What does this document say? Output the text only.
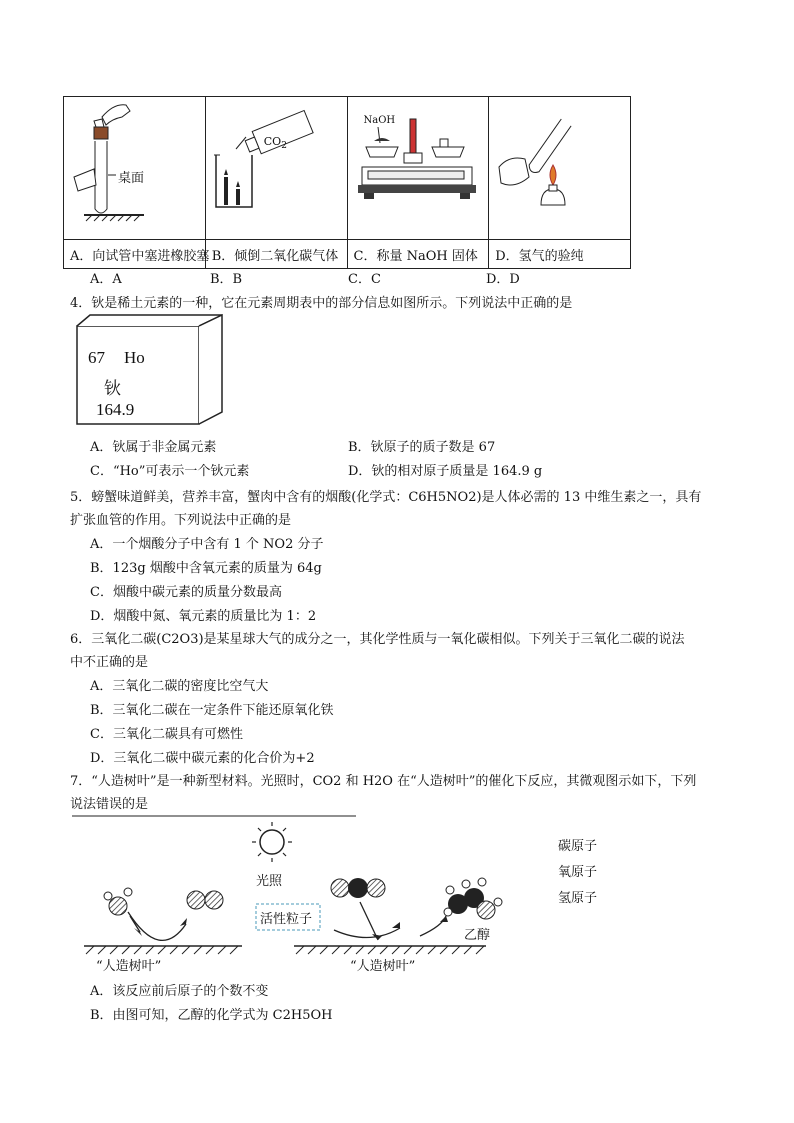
桌面	$CO_2$	NaOH

A．向试管中塞进橡胶塞	B．倾倒二氧化碳气体	C．称量 NaOH 固体	D．氢气的验纯
A．A	B．B	C．C	D．D
4．钬是稀土元素的一种，它在元素周期表中的部分信息如图所示。下列说法中正确的是
67 Ho
钬
164.9
A．钬属于非金属元素	B．钬原子的质子数是 67
C．“Ho”可表示一个钬元素	D．钬的相对原子质量是 164.9 g
5．螃蟹味道鲜美，营养丰富，蟹肉中含有的烟酸(化学式：C6H5NO2)是人体必需的 13 中维生素之一，具有
扩张血管的作用。下列说法中正确的是
A．一个烟酸分子中含有 1 个 NO2 分子
B．123g 烟酸中含氧元素的质量为 64g
C．烟酸中碳元素的质量分数最高
D．烟酸中氮、氧元素的质量比为 1：2
6．三氧化二碳(C2O3)是某星球大气的成分之一，其化学性质与一氧化碳相似。下列关于三氧化二碳的说法
中不正确的是
A．三氧化二碳的密度比空气大
B．三氧化二碳在一定条件下能还原氧化铁
C．三氧化二碳具有可燃性
D．三氧化二碳中碳元素的化合价为+2
7．“人造树叶”是一种新型材料。光照时，CO2 和 H2O 在“人造树叶”的催化下反应，其微观图示如下，下列
说法错误的是
光照
活性粒子
“人造树叶”	“人造树叶”
乙醇
碳原子
氧原子
氢原子
A．该反应前后原子的个数不变
B．由图可知，乙醇的化学式为 C2H5OH
